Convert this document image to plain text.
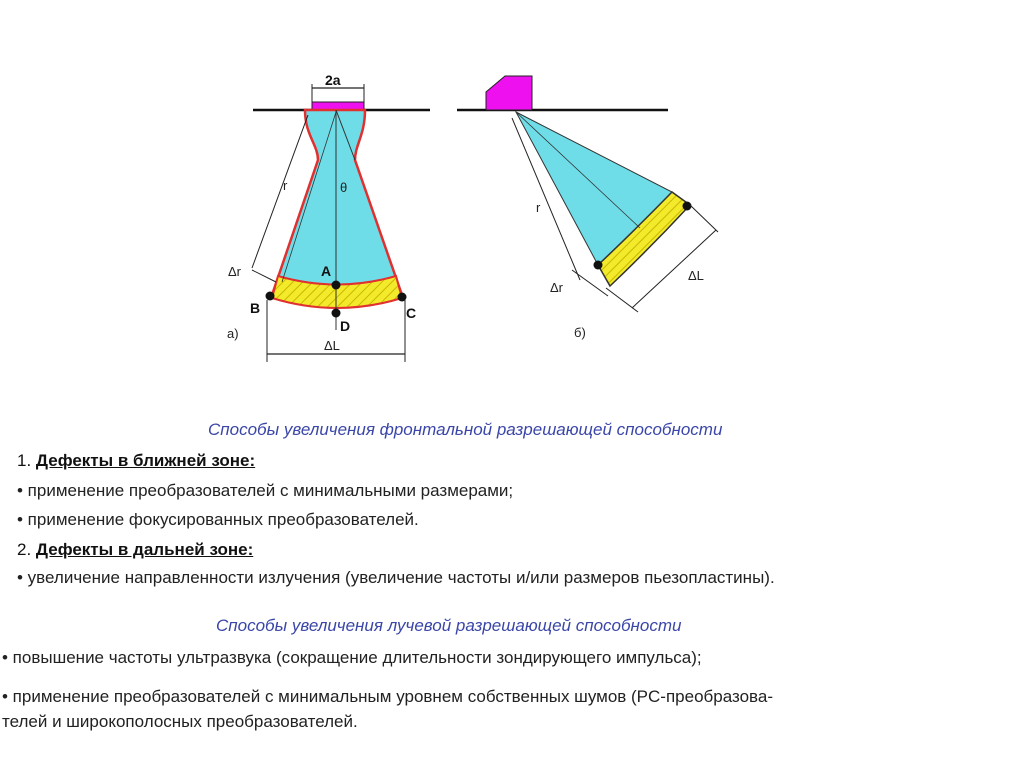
2a
r	θ
Δr	A
B	C
D
ΔL
а)
r
Δr
ΔL
б)
Способы увеличения фронтальной разрешающей способности
1. Дефекты в ближней зоне:
• применение преобразователей с минимальными размерами;
• применение фокусированных преобразователей.
2. Дефекты в дальней зоне:
• увеличение направленности излучения (увеличение частоты и/или размеров пьезопластины).
Способы увеличения лучевой разрешающей способности
• повышение частоты ультразвука (сокращение длительности зондирующего импульса);
• применение преобразователей с минимальным уровнем собственных шумов (PC-преобразова-
телей и широкополосных преобразователей.
